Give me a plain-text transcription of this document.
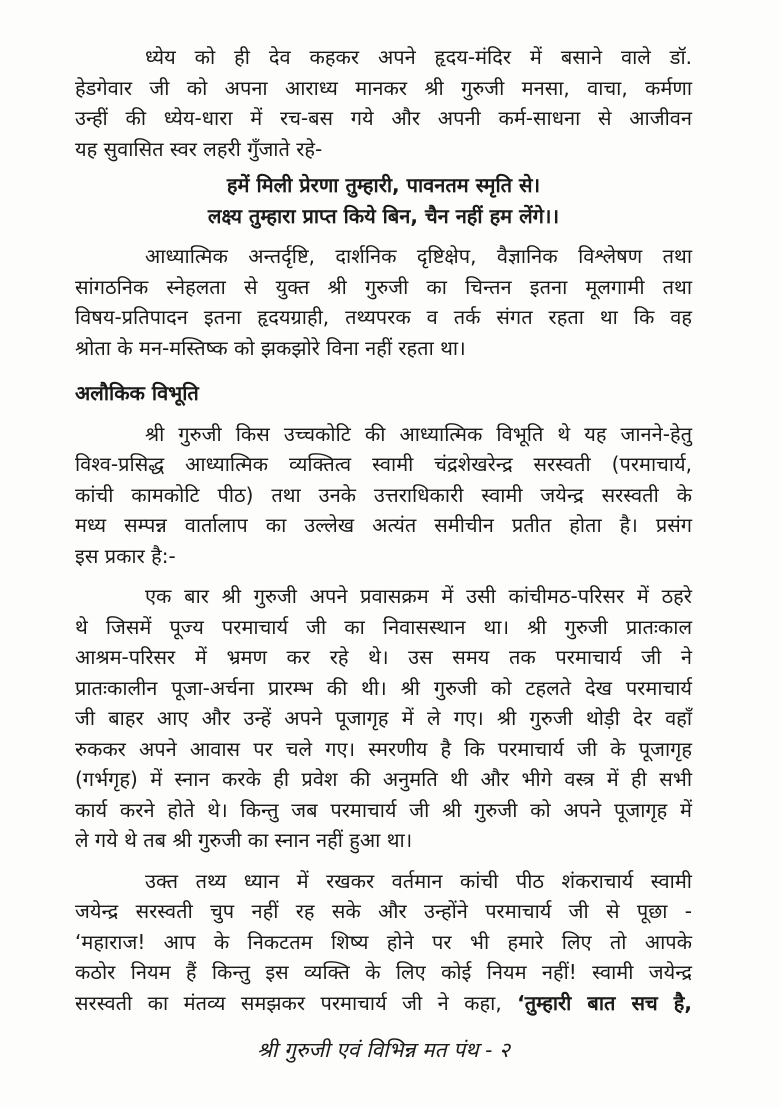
ध्येय को ही देव कहकर अपने हृदय-मंदिर में बसाने वाले डॉ.
हेडगेवार जी को अपना आराध्य मानकर श्री गुरुजी मनसा, वाचा, कर्मणा
उन्हीं की ध्येय-धारा में रच-बस गये और अपनी कर्म-साधना से आजीवन
यह सुवासित स्वर लहरी गुँजाते रहे-
हमें मिली प्रेरणा तुम्हारी, पावनतम स्मृति से।
लक्ष्य तुम्हारा प्राप्त किये बिन, चैन नहीं हम लेंगे।।
आध्यात्मिक अन्तर्दृष्टि, दार्शनिक दृष्टिक्षेप, वैज्ञानिक विश्लेषण तथा
सांगठनिक स्नेहलता से युक्त श्री गुरुजी का चिन्तन इतना मूलगामी तथा
विषय-प्रतिपादन इतना हृदयग्राही, तथ्यपरक व तर्क संगत रहता था कि वह
श्रोता के मन-मस्तिष्क को झकझोरे विना नहीं रहता था।
अलौकिक विभूति
श्री गुरुजी किस उच्चकोटि की आध्यात्मिक विभूति थे यह जानने-हेतु
विश्व-प्रसिद्ध आध्यात्मिक व्यक्तित्व स्वामी चंद्रशेखरेन्द्र सरस्वती (परमाचार्य,
कांची कामकोटि पीठ) तथा उनके उत्तराधिकारी स्वामी जयेन्द्र सरस्वती के
मध्य सम्पन्न वार्तालाप का उल्लेख अत्यंत समीचीन प्रतीत होता है। प्रसंग
इस प्रकार है:-
एक बार श्री गुरुजी अपने प्रवासक्रम में उसी कांचीमठ-परिसर में ठहरे
थे जिसमें पूज्य परमाचार्य जी का निवासस्थान था। श्री गुरुजी प्रातःकाल
आश्रम-परिसर में भ्रमण कर रहे थे। उस समय तक परमाचार्य जी ने
प्रातःकालीन पूजा-अर्चना प्रारम्भ की थी। श्री गुरुजी को टहलते देख परमाचार्य
जी बाहर आए और उन्हें अपने पूजागृह में ले गए। श्री गुरुजी थोड़ी देर वहाँ
रुककर अपने आवास पर चले गए। स्मरणीय है कि परमाचार्य जी के पूजागृह
(गर्भगृह) में स्नान करके ही प्रवेश की अनुमति थी और भीगे वस्त्र में ही सभी
कार्य करने होते थे। किन्तु जब परमाचार्य जी श्री गुरुजी को अपने पूजागृह में
ले गये थे तब श्री गुरुजी का स्नान नहीं हुआ था।
उक्त तथ्य ध्यान में रखकर वर्तमान कांची पीठ शंकराचार्य स्वामी
जयेन्द्र सरस्वती चुप नहीं रह सके और उन्होंने परमाचार्य जी से पूछा -
‘महाराज! आप के निकटतम शिष्य होने पर भी हमारे लिए तो आपके
कठोर नियम हैं किन्तु इस व्यक्ति के लिए कोई नियम नहीं! स्वामी जयेन्द्र
सरस्वती का मंतव्य समझकर परमाचार्य जी ने कहा, ‘तुम्हारी बात सच है,
श्री गुरुजी एवं विभिन्न मत पंथ - २
